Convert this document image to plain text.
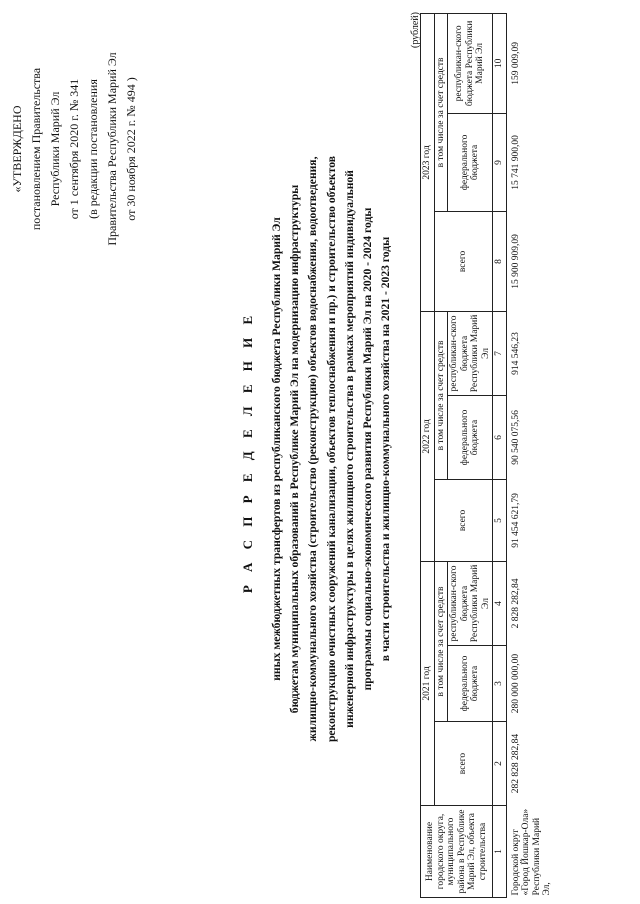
«УТВЕРЖДЕНО постановлением Правительства Республики Марий Эл от 1 сентября 2020 г. № 341 (в редакции постановления Правительства Республики Марий Эл от 30 ноября 2022 г. № 494 )
Р А С П Р Е Д Е Л Е Н И Е иных межбюджетных трансфертов из республиканского бюджета Республики Марий Эл бюджетам муниципальных образований в Республике Марий Эл на модернизацию инфраструктуры жилищно-коммунального хозяйства (строительство (реконструкцию) объектов водоснабжения, водоотведения, реконструкцию очистных сооружений канализации, объектов теплоснабжения и пр.) и строительство объектов инженерной инфраструктуры в целях жилищного строительства в рамках мероприятий индивидуальной программы социально-экономического развития Республики Марий Эл на 2020 - 2024 годы в части строительства и жилищно-коммунального хозяйства на 2021 - 2023 годы
(рублей)
Наименование городского округа, муниципального района в Республике Марий Эл, объекта строительства	2021 год			2022 год			2023 год		
	всего	в том числе за счет средств		всего	в том числе за счет средств		всего	в том числе за счет средств	
		федерального бюджета	республикан-ского бюджета Республики Марий Эл		федерального бюджета	республикан-ского бюджета Республики Марий Эл		федерального бюджета	республикан-ского бюджета Республики Марий Эл
1	2	3	4	5	6	7	8	9	10
Городской округ «Город Йошкар-Ола» Республики Марий Эл,	282 828 282,84	280 000 000,00	2 828 282,84	91 454 621,79	90 540 075,56	914 546,23	15 900 909,09	15 741 900,00	159 009,09
